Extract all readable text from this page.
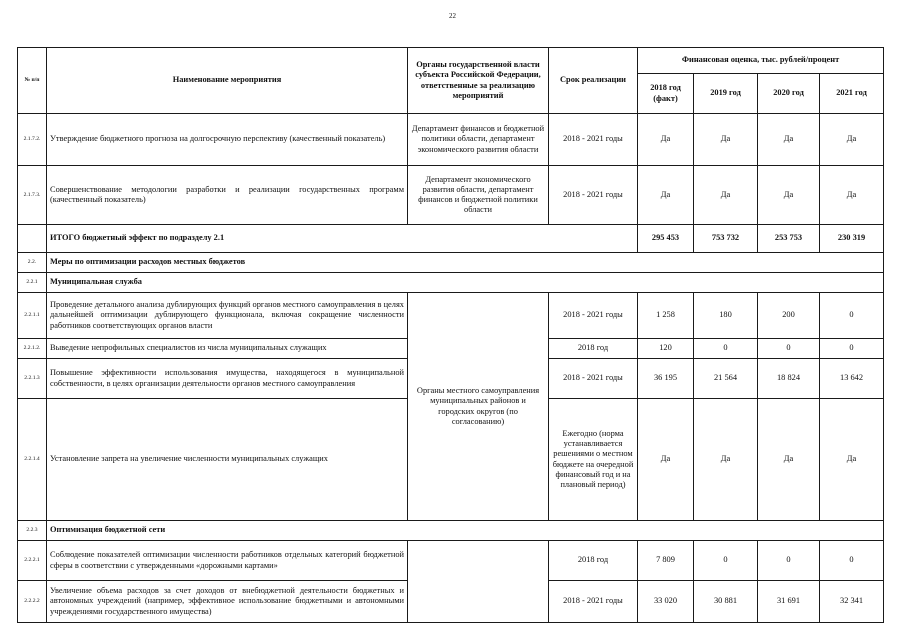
22
№ п/п	Наименование мероприятия	Органы государственной власти субъекта Российской Федерации, ответственные за реализацию мероприятий	Срок реализации	Финансовая оценка, тыс. рублей/процент			
				2018 год (факт)	2019 год	2020 год	2021 год
2.1.7.2.	Утверждение бюджетного прогноза на долгосрочную перспективу (качественный показатель)	Департамент финансов и бюджетной политики области, департамент экономического развития области	2018 - 2021 годы	Да	Да	Да	Да
2.1.7.3.	Совершенствование методологии разработки и реализации государственных программ (качественный показатель)	Департамент экономического развития области, департамент финансов и бюджетной политики области	2018 - 2021 годы	Да	Да	Да	Да
	ИТОГО бюджетный эффект по подразделу 2.1			295 453	753 732	253 753	230 319
2.2.	Меры по оптимизации расходов местных бюджетов						
2.2.1	Муниципальная служба						
2.2.1.1	Проведение детального анализа дублирующих функций органов местного самоуправления в целях дальнейшей оптимизации дублирующего функционала, включая сокращение численности работников соответствующих органов власти	Органы местного самоуправления муниципальных районов и городских округов (по согласованию)	2018 - 2021 годы	1 258	180	200	0
2.2.1.2.	Выведение непрофильных специалистов из числа муниципальных служащих		2018 год	120	0	0	0
2.2.1.3	Повышение эффективности использования имущества, находящегося в муниципальной собственности, в целях организации деятельности органов местного самоуправления		2018 - 2021 годы	36 195	21 564	18 824	13 642
2.2.1.4	Установление запрета на увеличение численности муниципальных служащих		Ежегодно (норма устанавливается решениями о местном бюджете на очередной финансовый год и на плановый период)	Да	Да	Да	Да
2.2.3	Оптимизация бюджетной сети						
2.2.2.1	Соблюдение показателей оптимизации численности работников отдельных категорий бюджетной сферы в соответствии с утвержденными «дорожными картами»		2018 год	7 809	0	0	0
2.2.2.2	Увеличение объема расходов за счет доходов от внебюджетной деятельности бюджетных и автономных учреждений (например, эффективное использование бюджетными и автономными учреждениями государственного имущества)		2018 - 2021 годы	33 020	30 881	31 691	32 341
